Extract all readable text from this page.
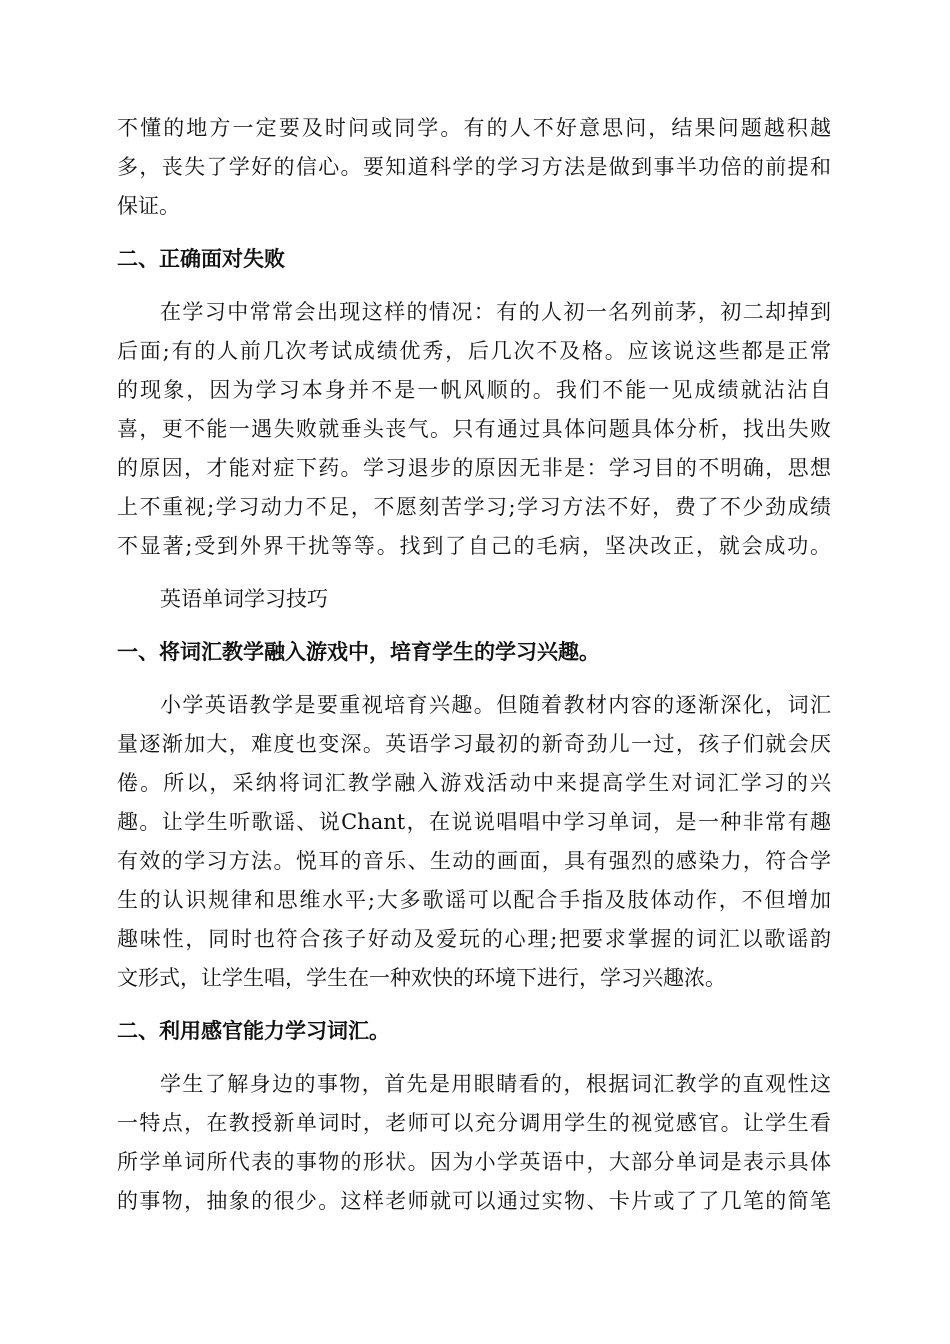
不懂的地方一定要及时问或同学。有的人不好意思问，结果问题越积越
多，丧失了学好的信心。要知道科学的学习方法是做到事半功倍的前提和
保证。
二、正确面对失败
在学习中常常会出现这样的情况：有的人初一名列前茅，初二却掉到
后面;有的人前几次考试成绩优秀，后几次不及格。应该说这些都是正常
的现象，因为学习本身并不是一帆风顺的。我们不能一见成绩就沾沾自
喜，更不能一遇失败就垂头丧气。只有通过具体问题具体分析，找出失败
的原因，才能对症下药。学习退步的原因无非是：学习目的不明确，思想
上不重视;学习动力不足，不愿刻苦学习;学习方法不好，费了不少劲成绩
不显著;受到外界干扰等等。找到了自己的毛病，坚决改正，就会成功。
英语单词学习技巧
一、将词汇教学融入游戏中，培育学生的学习兴趣。
小学英语教学是要重视培育兴趣。但随着教材内容的逐渐深化，词汇
量逐渐加大，难度也变深。英语学习最初的新奇劲儿一过，孩子们就会厌
倦。所以，采纳将词汇教学融入游戏活动中来提高学生对词汇学习的兴
趣。让学生听歌谣、说Chant，在说说唱唱中学习单词，是一种非常有趣
有效的学习方法。悦耳的音乐、生动的画面，具有强烈的感染力，符合学
生的认识规律和思维水平;大多歌谣可以配合手指及肢体动作，不但增加
趣味性，同时也符合孩子好动及爱玩的心理;把要求掌握的词汇以歌谣韵
文形式，让学生唱，学生在一种欢快的环境下进行，学习兴趣浓。
二、利用感官能力学习词汇。
学生了解身边的事物，首先是用眼睛看的，根据词汇教学的直观性这
一特点，在教授新单词时，老师可以充分调用学生的视觉感官。让学生看
所学单词所代表的事物的形状。因为小学英语中，大部分单词是表示具体
的事物，抽象的很少。这样老师就可以通过实物、卡片或了了几笔的简笔
